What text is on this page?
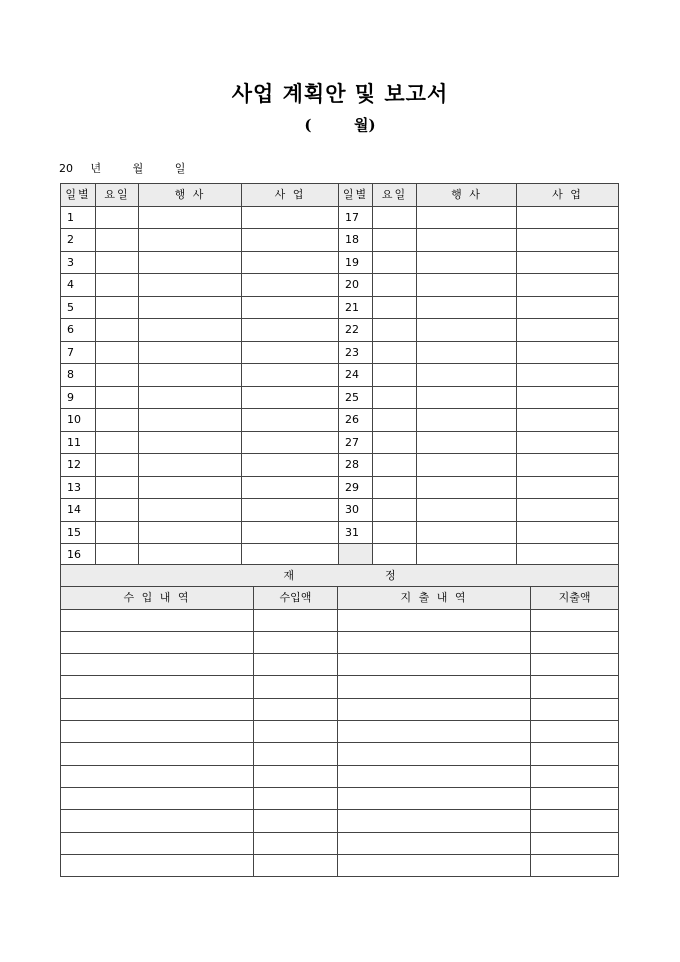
사업 계획안 및 보고서
(	월)
20 년	월	일
일별	요일	행 사	사 업	일별	요일	행 사	사 업
1				17			
2				18			
3				19			
4				20			
5				21			
6				22			
7				23			
8				24			
9				25			
10				26			
11				27			
12				28			
13				29			
14				30			
15				31			
16							
재 정			
수 입 내 역	수입액	지 출 내 역	지출액
